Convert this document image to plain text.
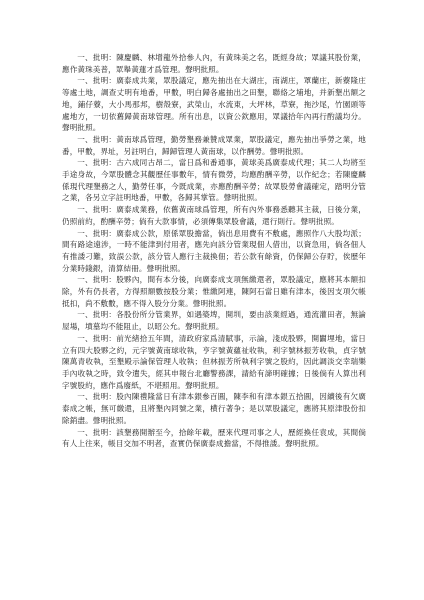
一、批明：陳慶麟、林增龍外拾參人內，有黃珠美之名，既經身故；眾議其股份業，應作黃珠美普，眾舉黃蓮才爲管理。聲明批照。

一、批明：廣泰成共業，眾股議定，應先抽出在大湖庄，南湖庄，罩蘭庄，新藔隆庄等處土地，調查丈明有地番，甲數，明白歸各處抽出之田墾，聯絡之埔地，并新墾出額之地，鋪仔藔，大小馬那邦，樹殼寮，武榮山，水流東，大坪林，草寮，拖沙尾，竹園頭等處地方，一切依舊歸黃南球管理。所有出息，以資公欽應用，眾議拾年內再行酌議均分。聲明批照。

一、批明：黃南球爲管理，勤勞墾務兼贊成眾業，眾股議定，應先抽出爭勞之業，地番，甲數，界址，另註明白，歸歸管理人黃南球，以作酬勞。聲明批照。

一、批明：古六成同古昂二，當日爲和番通事，黃球美爲廣泰成代理；其二人均將至手途身故，今眾股體念其觀歷任事數年，情有微勞，均應酌酬辛勞，以作紀念；若陳慶麟係現代理墾務之人，勤勞任事，今既成業，亦應酌酬辛勞；故眾股勞會議確定，踏明分管之業，各另立字註明地番，甲數，各歸其掌管。聲明批照。

一、批明：廣泰成業務，依舊黃南球爲管理，所有內外事務悉聽其主裁，日後分業，仍照前約，酌酬辛勞；倘有大款事情，必須傳集眾股會議，還行則行。聲明批照。

一、批明：廣泰成公款，原係眾股擔當，倘出息用費有不敷處，應照作八大股均派；間有路途遠涉，一時不能津到付用者，應先向該分管業現佃人借出，以資急用，倘各佃人有推諉刁難，致誤公款，該分管人應行主裁換佃；若公款有餘資，仍保歸公存貯，俟歷年分業時錢銀，清算結冊。聲明批照。

一、批明：股夥內，間有本分後，向廣泰成支項無繳還者，眾股議定，應將其本額扣除，外有仍長者，方得照額數按股分業；惟繳阿連，陳阿石當日雖有津本，後因支項欠帳抵扣，尚不敷數，應不得入股分分業。聲明批照。

一、批明：各股份所分管業界，如遇築埤，開圳，要由該業經過，通流灌田者，無論屋場，墳墓均不能阻止，以昭公允。聲明批照。

一、批明：前光緒拾五年間，清政府家爲清賦事，示論，淺成股夥，開闢埋地，當日立有四大股夥之約，元字號黃南球收執，亨字號黃蘊祉收執，利字號林振芳收執，貞字號陳萬青收執，至墾殿示論保管理人收執；但林振芳所執利字號之股約，因此調淡交幸瑞樂手內收執之時，致令遺失，經其申報台北廳警務課，請給有諦明確據；日後倘有人算出利字號股約，應作爲廢紙，不堪照用。聲明批照。

一、批明：股內陳禮隆當日有津本銀參百圓，陳李和有津本銀五拾圓，因續後有欠廣泰成之帳，無可繳還，且將墾內同號之業，横行著争；是以眾股議定，應將其原津股份扣除銷盡。聲明批照。

一、批明：該墾務開辦至今，拾餘年載，歷來代理司事之人，歷經換任袁成，其間倘有人上往來，帳目交加不明者，查實仍保廣泰成擔當，不得推諉。聲明批照。
